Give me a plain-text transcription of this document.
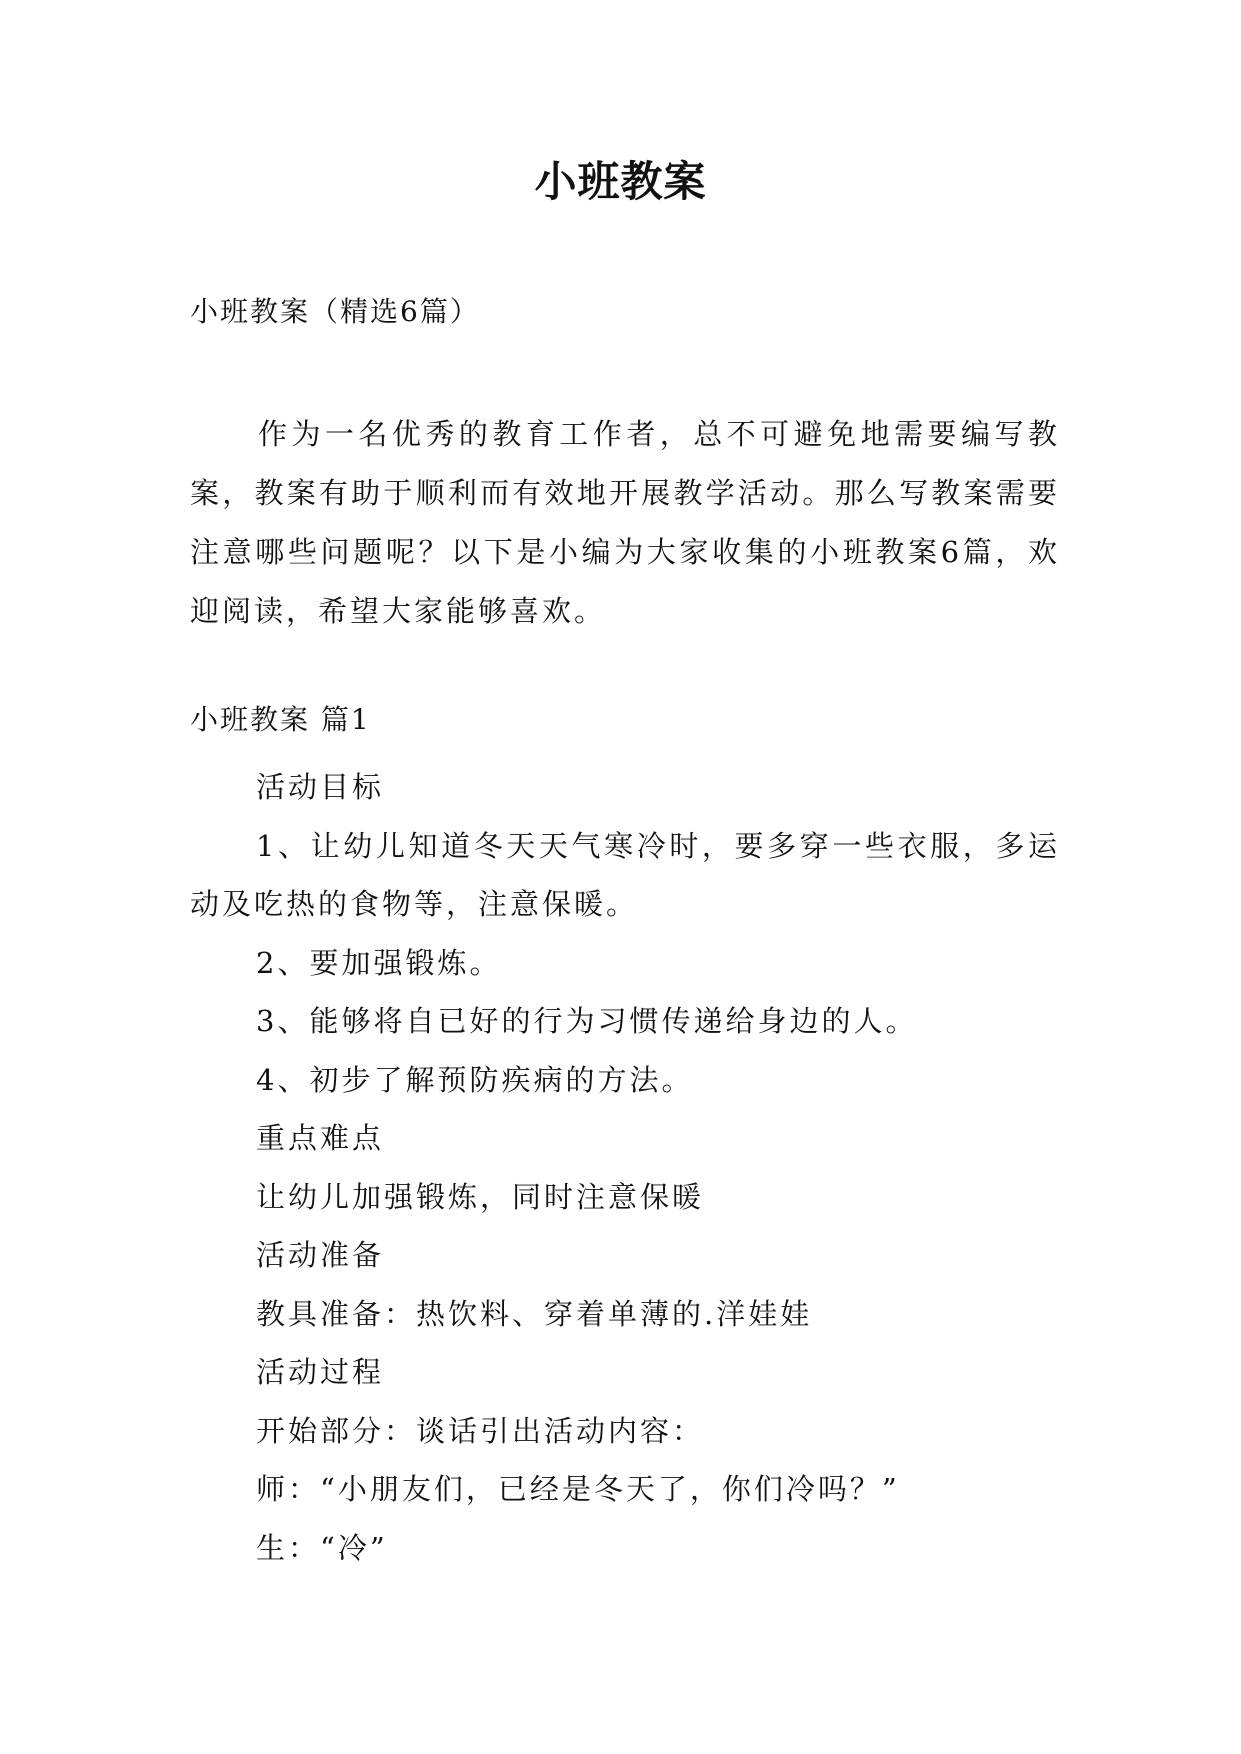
小班教案
小班教案（精选6篇）

作为一名优秀的教育工作者，总不可避免地需要编写教案，教案有助于顺利而有效地开展教学活动。那么写教案需要注意哪些问题呢？以下是小编为大家收集的小班教案6篇，欢迎阅读，希望大家能够喜欢。

小班教案 篇1
活动目标
1、让幼儿知道冬天天气寒冷时，要多穿一些衣服，多运动及吃热的食物等，注意保暖。
2、要加强锻炼。
3、能够将自已好的行为习惯传递给身边的人。
4、初步了解预防疾病的方法。
重点难点
让幼儿加强锻炼，同时注意保暖
活动准备
教具准备：热饮料、穿着单薄的.洋娃娃
活动过程
开始部分：谈话引出活动内容：
师：“小朋友们，已经是冬天了，你们冷吗？”
生：“冷”
